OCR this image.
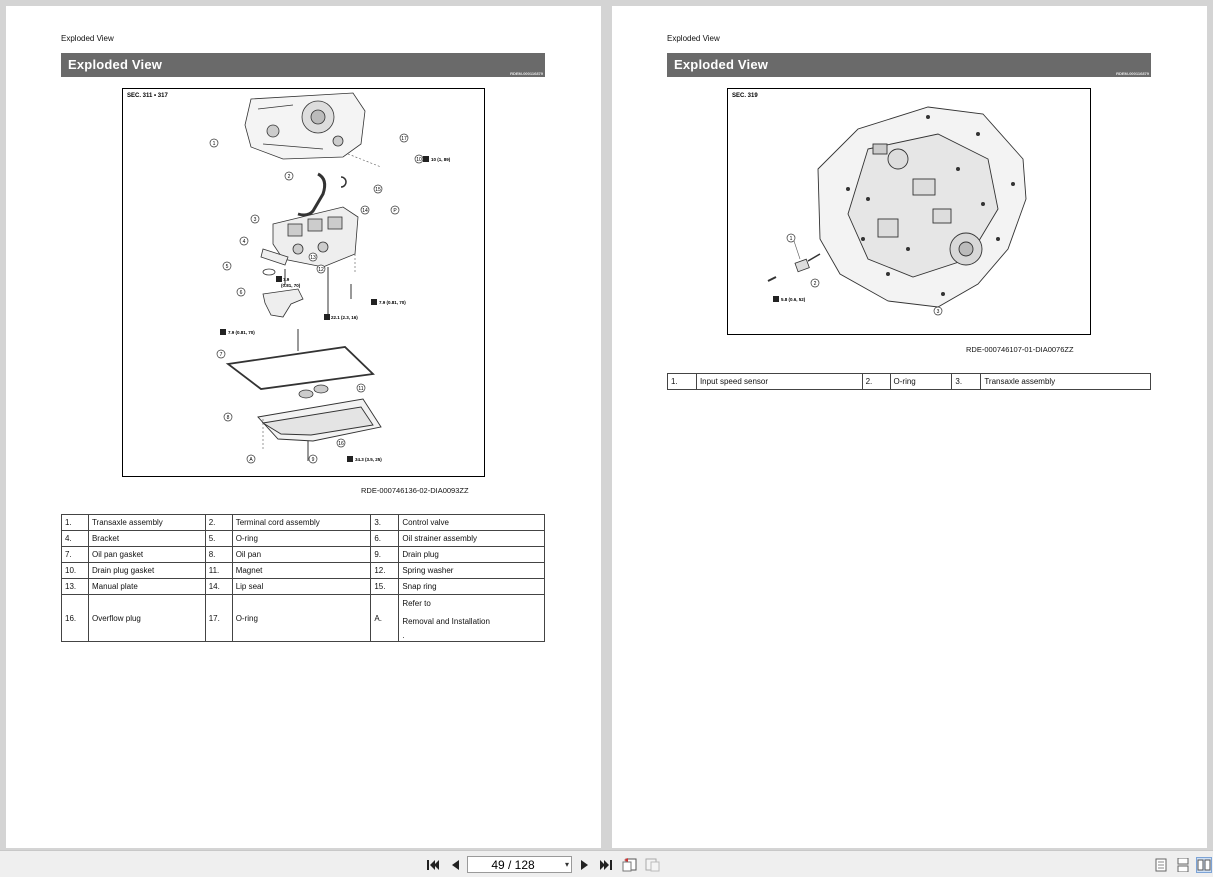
Exploded View
Exploded View
RDEM-000116879
SEC. 311 • 317
1
2
3
4
5
6
7
8
9
10
11
12
13
14
15
16
17
A
P
10 (1, 89)
7.9
(0.81, 70)
7.9 (0.81, 70)
7.9 (0.81, 70)
22.1 (2.3, 16)
34.3 (3.5, 25)
RDE-000746136-02-DIA0093ZZ
1.	Transaxle assembly	2.	Terminal cord assembly	3.	Control valve
4.	Bracket	5.	O-ring	6.	Oil strainer assembly
7.	Oil pan gasket	8.	Oil pan	9.	Drain plug
10.	Drain plug gasket	11.	Magnet	12.	Spring washer
13.	Manual plate	14.	Lip seal	15.	Snap ring
16.	Overflow plug	17.	O-ring	A.	Refer to
Removal and Installation
.
Exploded View
Exploded View
RDEM-000116879
SEC. 319
1
2
3
5.8 (0.6, 52)
RDE-000746107-01-DIA0076ZZ
1.	Input speed sensor	2.	O-ring	3.	Transaxle assembly
49 / 128
▾
